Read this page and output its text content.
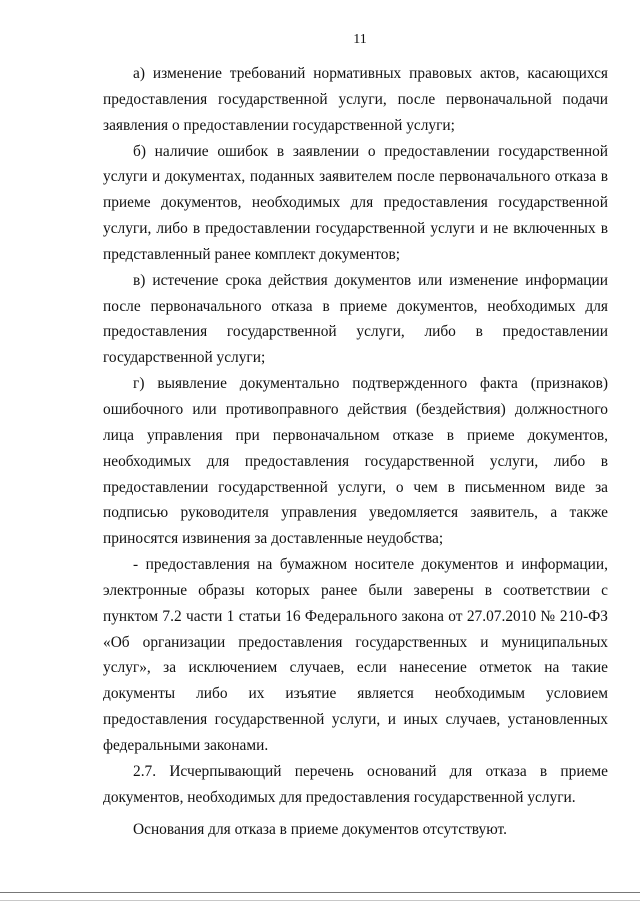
11

а) изменение требований нормативных правовых актов, касающихся предоставления государственной услуги, после первоначальной подачи заявления о предоставлении государственной услуги;

б) наличие ошибок в заявлении о предоставлении государственной услуги и документах, поданных заявителем после первоначального отказа в приеме документов, необходимых для предоставления государственной услуги, либо в предоставлении государственной услуги и не включенных в представленный ранее комплект документов;

в) истечение срока действия документов или изменение информации после первоначального отказа в приеме документов, необходимых для предоставления государственной услуги, либо в предоставлении государственной услуги;

г) выявление документально подтвержденного факта (признаков) ошибочного или противоправного действия (бездействия) должностного лица управления при первоначальном отказе в приеме документов, необходимых для предоставления государственной услуги, либо в предоставлении государственной услуги, о чем в письменном виде за подписью руководителя управления уведомляется заявитель, а также приносятся извинения за доставленные неудобства;

- предоставления на бумажном носителе документов и информации, электронные образы которых ранее были заверены в соответствии с пунктом 7.2 части 1 статьи 16 Федерального закона от 27.07.2010 № 210-ФЗ «Об организации предоставления государственных и муниципальных услуг», за исключением случаев, если нанесение отметок на такие документы либо их изъятие является необходимым условием предоставления государственной услуги, и иных случаев, установленных федеральными законами.

2.7. Исчерпывающий перечень оснований для отказа в приеме документов, необходимых для предоставления государственной услуги.

Основания для отказа в приеме документов отсутствуют.
